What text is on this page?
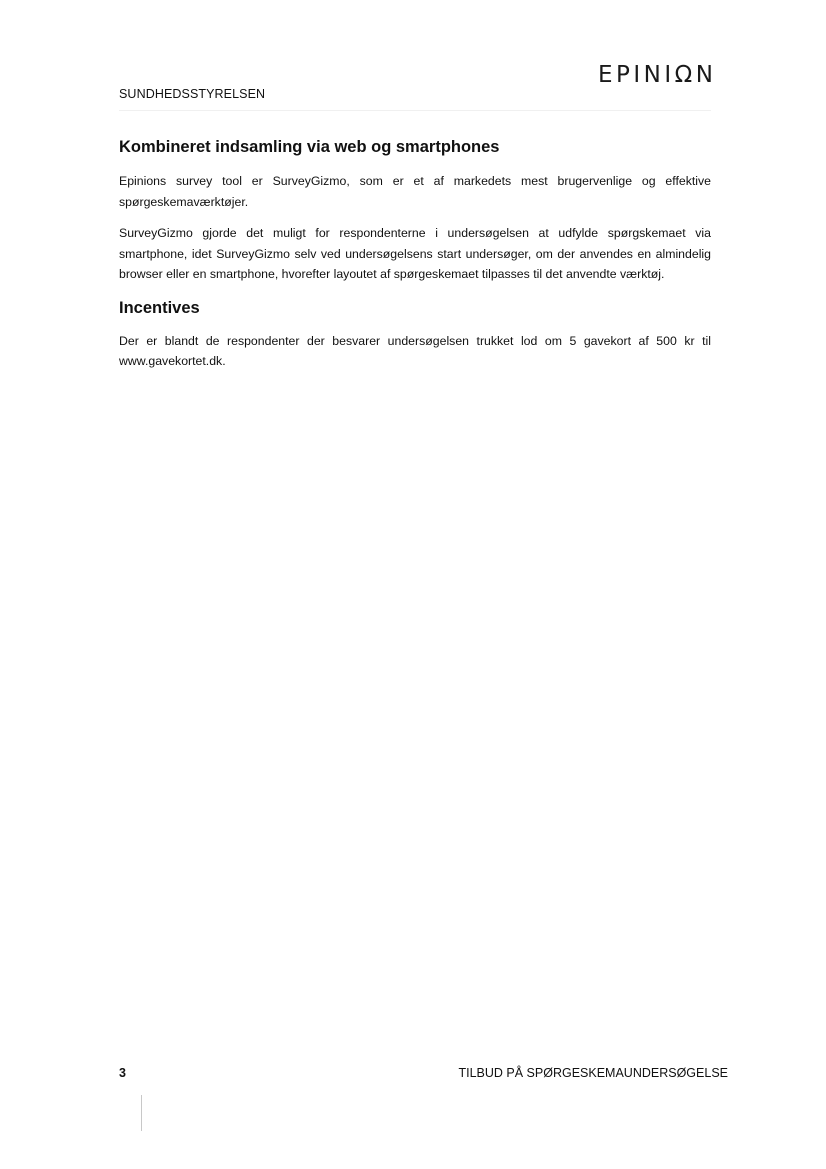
SUNDHEDSSTYRELSEN
EPINIΩN
Kombineret indsamling via web og smartphones

Epinions survey tool er SurveyGizmo, som er et af markedets mest brugervenlige og effektive spørgeskemaværktøjer.

SurveyGizmo gjorde det muligt for respondenterne i undersøgelsen at udfylde spørgskemaet via smartphone, idet SurveyGizmo selv ved undersøgelsens start undersøger, om der anvendes en almindelig browser eller en smartphone, hvorefter layoutet af spørgeskemaet tilpasses til det anvendte værktøj.

Incentives

Der er blandt de respondenter der besvarer undersøgelsen trukket lod om 5 gavekort af 500 kr til www.gavekortet.dk.

3	TILBUD PÅ SPØRGESKEMAUNDERSØGELSE
